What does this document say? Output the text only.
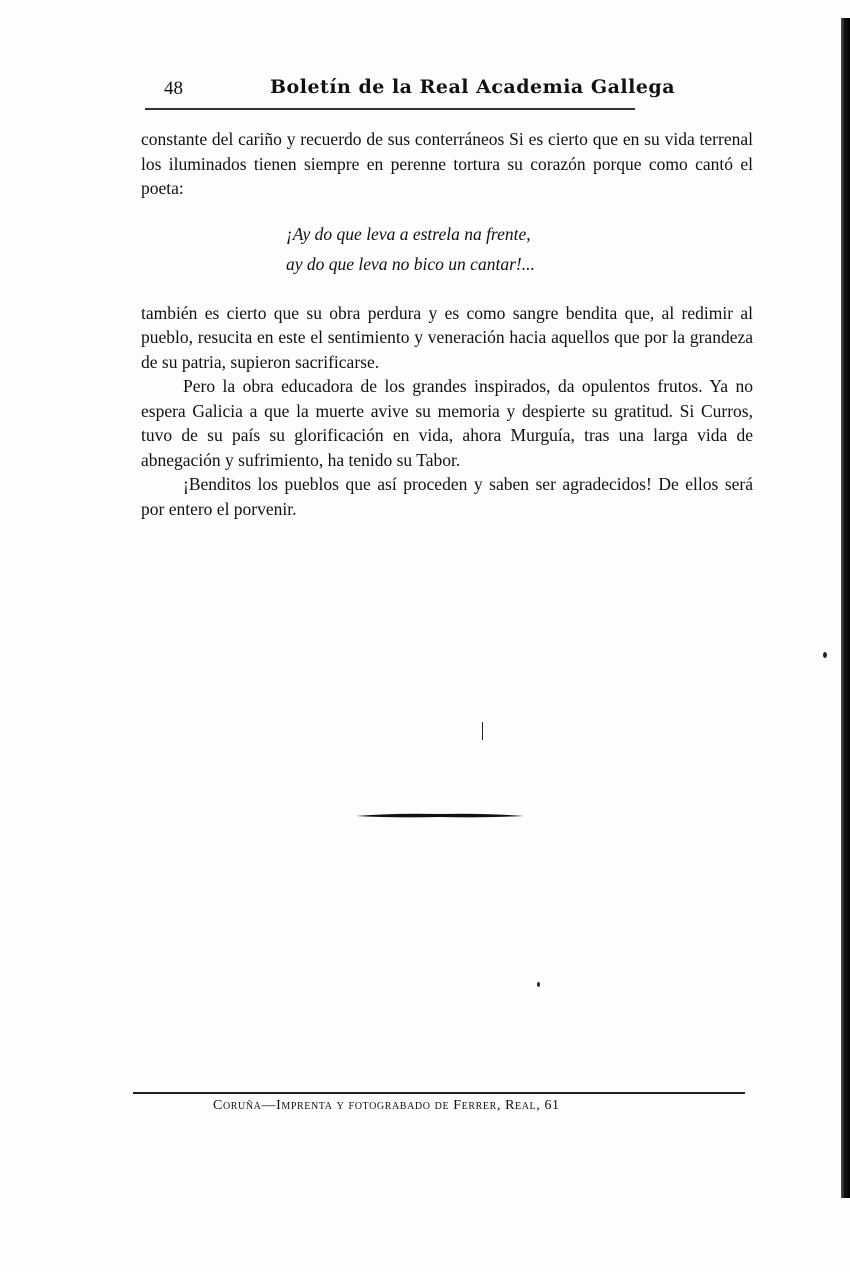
48	Boletín de la Real Academia Gallega

constante del cariño y recuerdo de sus conterráneos Si es cierto que en su vida terrenal los iluminados tienen siempre en perenne tortura su corazón porque como cantó el poeta:

¡Ay do que leva a estrela na frente,
ay do que leva no bico un cantar!...

también es cierto que su obra perdura y es como sangre bendita que, al redimir al pueblo, resucita en este el sentimiento y veneración hacia aquellos que por la grandeza de su patria, supieron sacrificarse.

Pero la obra educadora de los grandes inspirados, da opulentos frutos. Ya no espera Galicia a que la muerte avive su memoria y despierte su gratitud. Si Curros, tuvo de su país su glorificación en vida, ahora Murguía, tras una larga vida de abnegación y sufrimiento, ha tenido su Tabor.

¡Benditos los pueblos que así proceden y saben ser agradecidos! De ellos será por entero el porvenir.

Coruña—Imprenta y fotograbado de Ferrer, Real, 61
